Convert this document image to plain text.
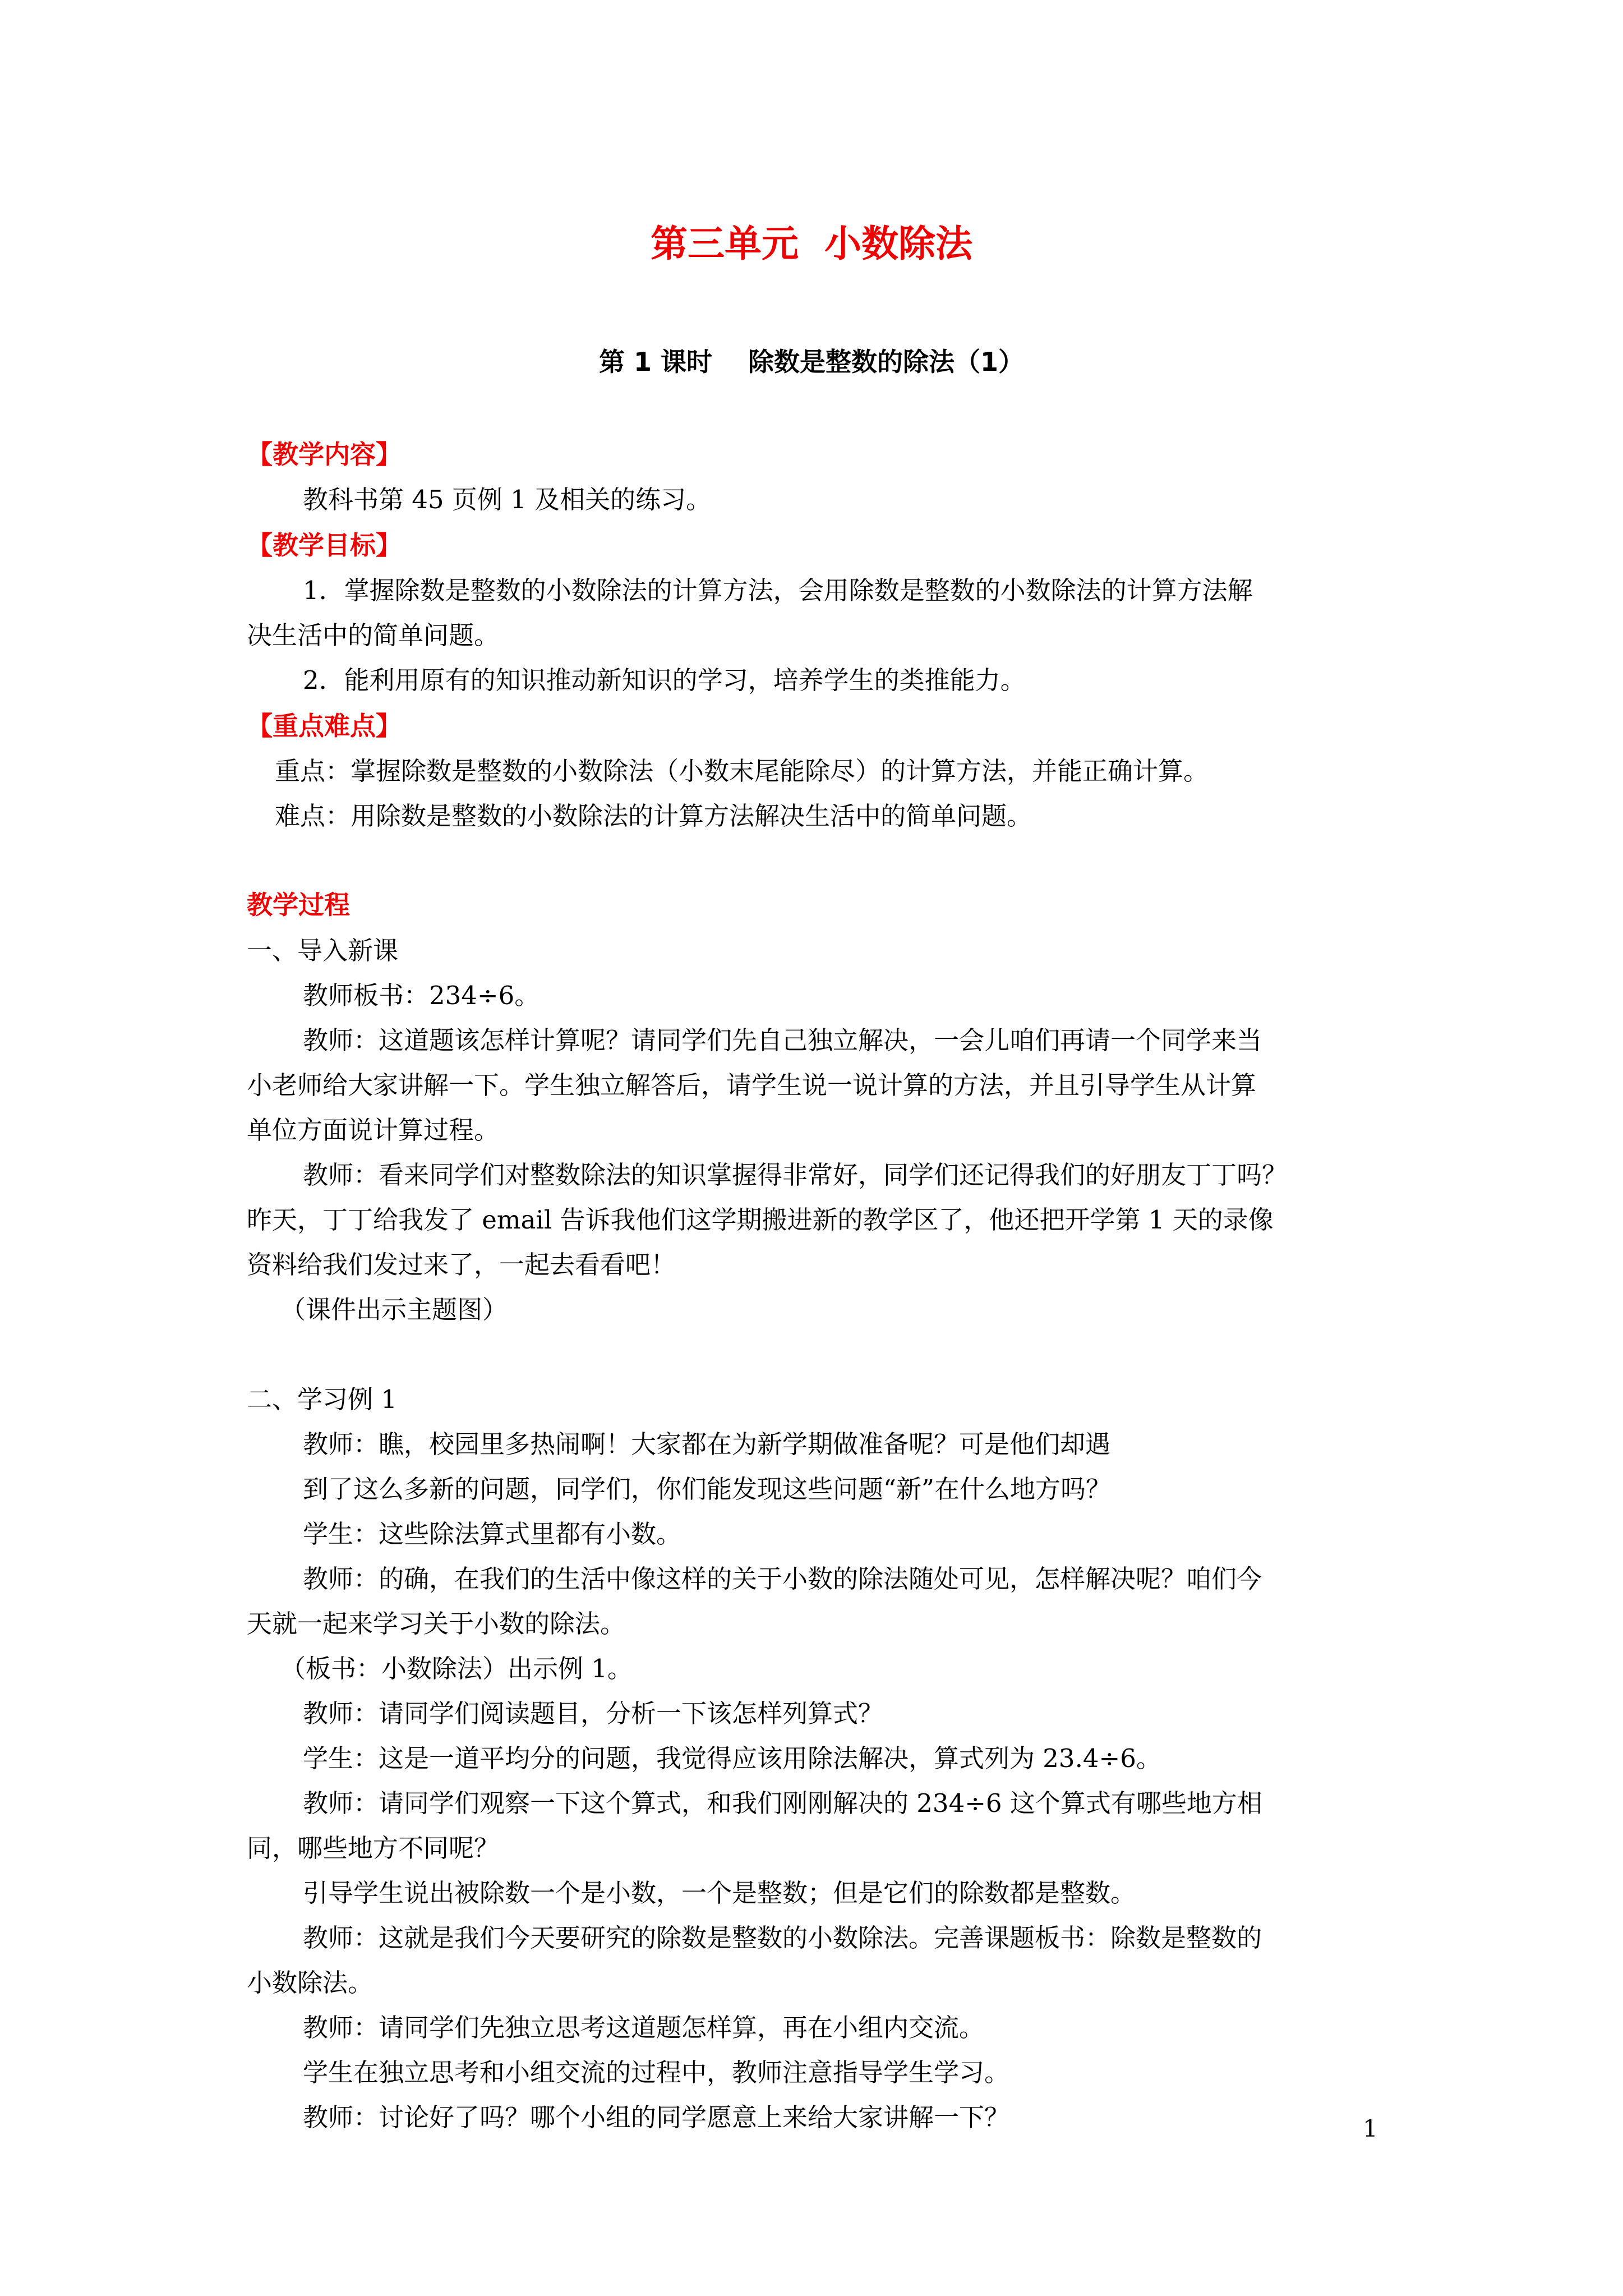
第三单元  小数除法
第 1 课时    除数是整数的除法（1）
【教学内容】
教科书第 45 页例 1 及相关的练习。
【教学目标】
1．掌握除数是整数的小数除法的计算方法，会用除数是整数的小数除法的计算方法解
决生活中的简单问题。
2．能利用原有的知识推动新知识的学习，培养学生的类推能力。
【重点难点】
重点：掌握除数是整数的小数除法（小数末尾能除尽）的计算方法，并能正确计算。
难点：用除数是整数的小数除法的计算方法解决生活中的简单问题。
教学过程
一、导入新课
教师板书：234÷6。
教师：这道题该怎样计算呢？请同学们先自己独立解决，一会儿咱们再请一个同学来当
小老师给大家讲解一下。学生独立解答后，请学生说一说计算的方法，并且引导学生从计算
单位方面说计算过程。
教师：看来同学们对整数除法的知识掌握得非常好，同学们还记得我们的好朋友丁丁吗？
昨天，丁丁给我发了 email 告诉我他们这学期搬进新的教学区了，他还把开学第 1 天的录像
资料给我们发过来了，一起去看看吧！
（课件出示主题图）
二、学习例 1
教师：瞧，校园里多热闹啊！大家都在为新学期做准备呢？可是他们却遇
到了这么多新的问题，同学们，你们能发现这些问题“新”在什么地方吗？
学生：这些除法算式里都有小数。
教师：的确，在我们的生活中像这样的关于小数的除法随处可见，怎样解决呢？咱们今
天就一起来学习关于小数的除法。
（板书：小数除法）出示例 1。
教师：请同学们阅读题目，分析一下该怎样列算式？
学生：这是一道平均分的问题，我觉得应该用除法解决，算式列为 23.4÷6。
教师：请同学们观察一下这个算式，和我们刚刚解决的 234÷6 这个算式有哪些地方相
同，哪些地方不同呢？
引导学生说出被除数一个是小数，一个是整数；但是它们的除数都是整数。
教师：这就是我们今天要研究的除数是整数的小数除法。完善课题板书：除数是整数的
小数除法。
教师：请同学们先独立思考这道题怎样算，再在小组内交流。
学生在独立思考和小组交流的过程中，教师注意指导学生学习。
教师：讨论好了吗？哪个小组的同学愿意上来给大家讲解一下？	1
